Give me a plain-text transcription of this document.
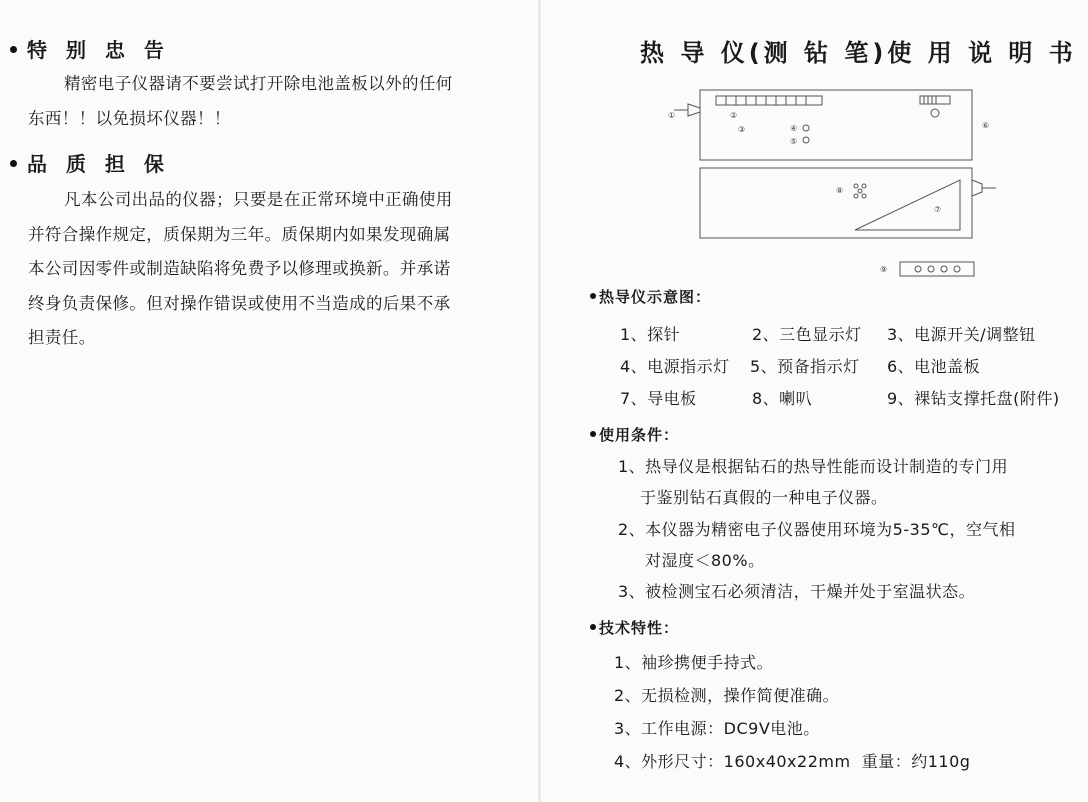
特 别 忠 告
精密电子仪器请不要尝试打开除电池盖板以外的任何
东西！！以免损坏仪器！！
品 质 担 保
凡本公司出品的仪器；只要是在正常环境中正确使用
并符合操作规定，质保期为三年。质保期内如果发现确属
本公司因零件或制造缺陷将免费予以修理或换新。并承诺
终身负责保修。但对操作错误或使用不当造成的后果不承
担责任。
热 导 仪(测 钻 笔)使 用 说 明 书
①	②
③	④
⑤
⑥
⑦
⑧
⑨
热导仪示意图：
1、探针	2、三色显示灯 3、电源开关/调整钮
4、电源指示灯 5、预备指示灯 6、电池盖板
7、导电板	8、喇叭	9、裸钻支撑托盘(附件)
使用条件：
1、热导仪是根据钻石的热导性能而设计制造的专门用
于鉴别钻石真假的一种电子仪器。
2、本仪器为精密电子仪器使用环境为5-35℃，空气相
对湿度＜80%。
3、被检测宝石必须清洁，干燥并处于室温状态。
技术特性：
1、袖珍携便手持式。
2、无损检测，操作简便准确。
3、工作电源：DC9V电池。
4、外形尺寸：160x40x22mm  重量：约110g
